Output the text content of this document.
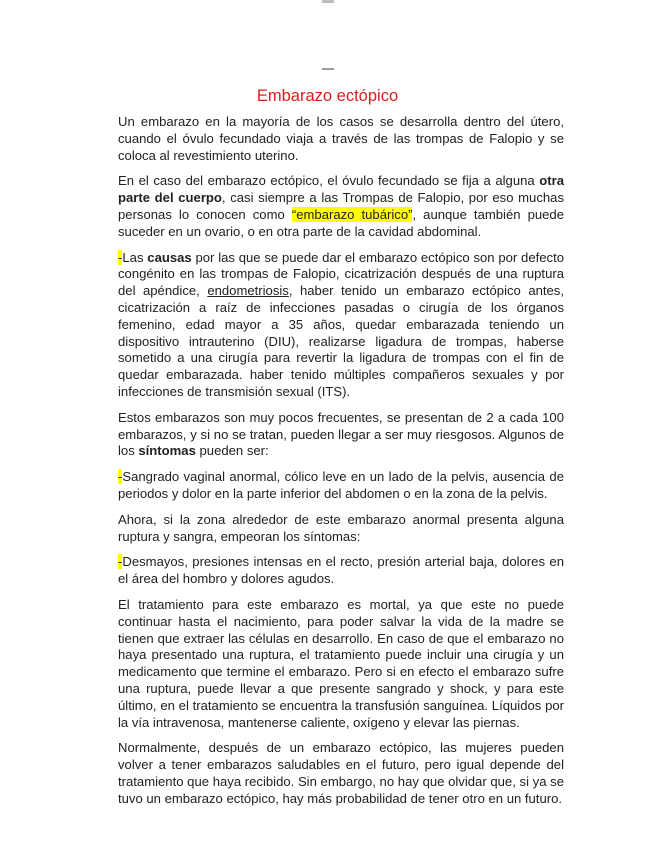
Embarazo ectópico

Un embarazo en la mayoría de los casos se desarrolla dentro del útero, cuando el óvulo fecundado viaja a través de las trompas de Falopio y se coloca al revestimiento uterino.

En el caso del embarazo ectópico, el óvulo fecundado se fija a alguna otra parte del cuerpo, casi siempre a las Trompas de Falopio, por eso muchas personas lo conocen como “embarazo tubárico”, aunque también puede suceder en un ovario, o en otra parte de la cavidad abdominal.

-Las causas por las que se puede dar el embarazo ectópico son por defecto congénito en las trompas de Falopio, cicatrización después de una ruptura del apéndice, endometriosis, haber tenido un embarazo ectópico antes, cicatrización a raíz de infecciones pasadas o cirugía de los órganos femenino, edad mayor a 35 años, quedar embarazada teniendo un dispositivo intrauterino (DIU), realizarse ligadura de trompas, haberse sometido a una cirugía para revertir la ligadura de trompas con el fin de quedar embarazada. haber tenido múltiples compañeros sexuales y por infecciones de transmisión sexual (ITS).

Estos embarazos son muy pocos frecuentes, se presentan de 2 a cada 100 embarazos, y si no se tratan, pueden llegar a ser muy riesgosos. Algunos de los síntomas pueden ser:

-Sangrado vaginal anormal, cólico leve en un lado de la pelvis, ausencia de periodos y dolor en la parte inferior del abdomen o en la zona de la pelvis.

Ahora, si la zona alrededor de este embarazo anormal presenta alguna ruptura y sangra, empeoran los síntomas:

-Desmayos, presiones intensas en el recto, presión arterial baja, dolores en el área del hombro y dolores agudos.

El tratamiento para este embarazo es mortal, ya que este no puede continuar hasta el nacimiento, para poder salvar la vida de la madre se tienen que extraer las células en desarrollo. En caso de que el embarazo no haya presentado una ruptura, el tratamiento puede incluir una cirugía y un medicamento que termine el embarazo. Pero si en efecto el embarazo sufre una ruptura, puede llevar a que presente sangrado y shock, y para este último, en el tratamiento se encuentra la transfusión sanguínea. Líquidos por la vía intravenosa, mantenerse caliente, oxígeno y elevar las piernas.

Normalmente, después de un embarazo ectópico, las mujeres pueden volver a tener embarazos saludables en el futuro, pero igual depende del tratamiento que haya recibido. Sin embargo, no hay que olvidar que, si ya se tuvo un embarazo ectópico, hay más probabilidad de tener otro en un futuro.
